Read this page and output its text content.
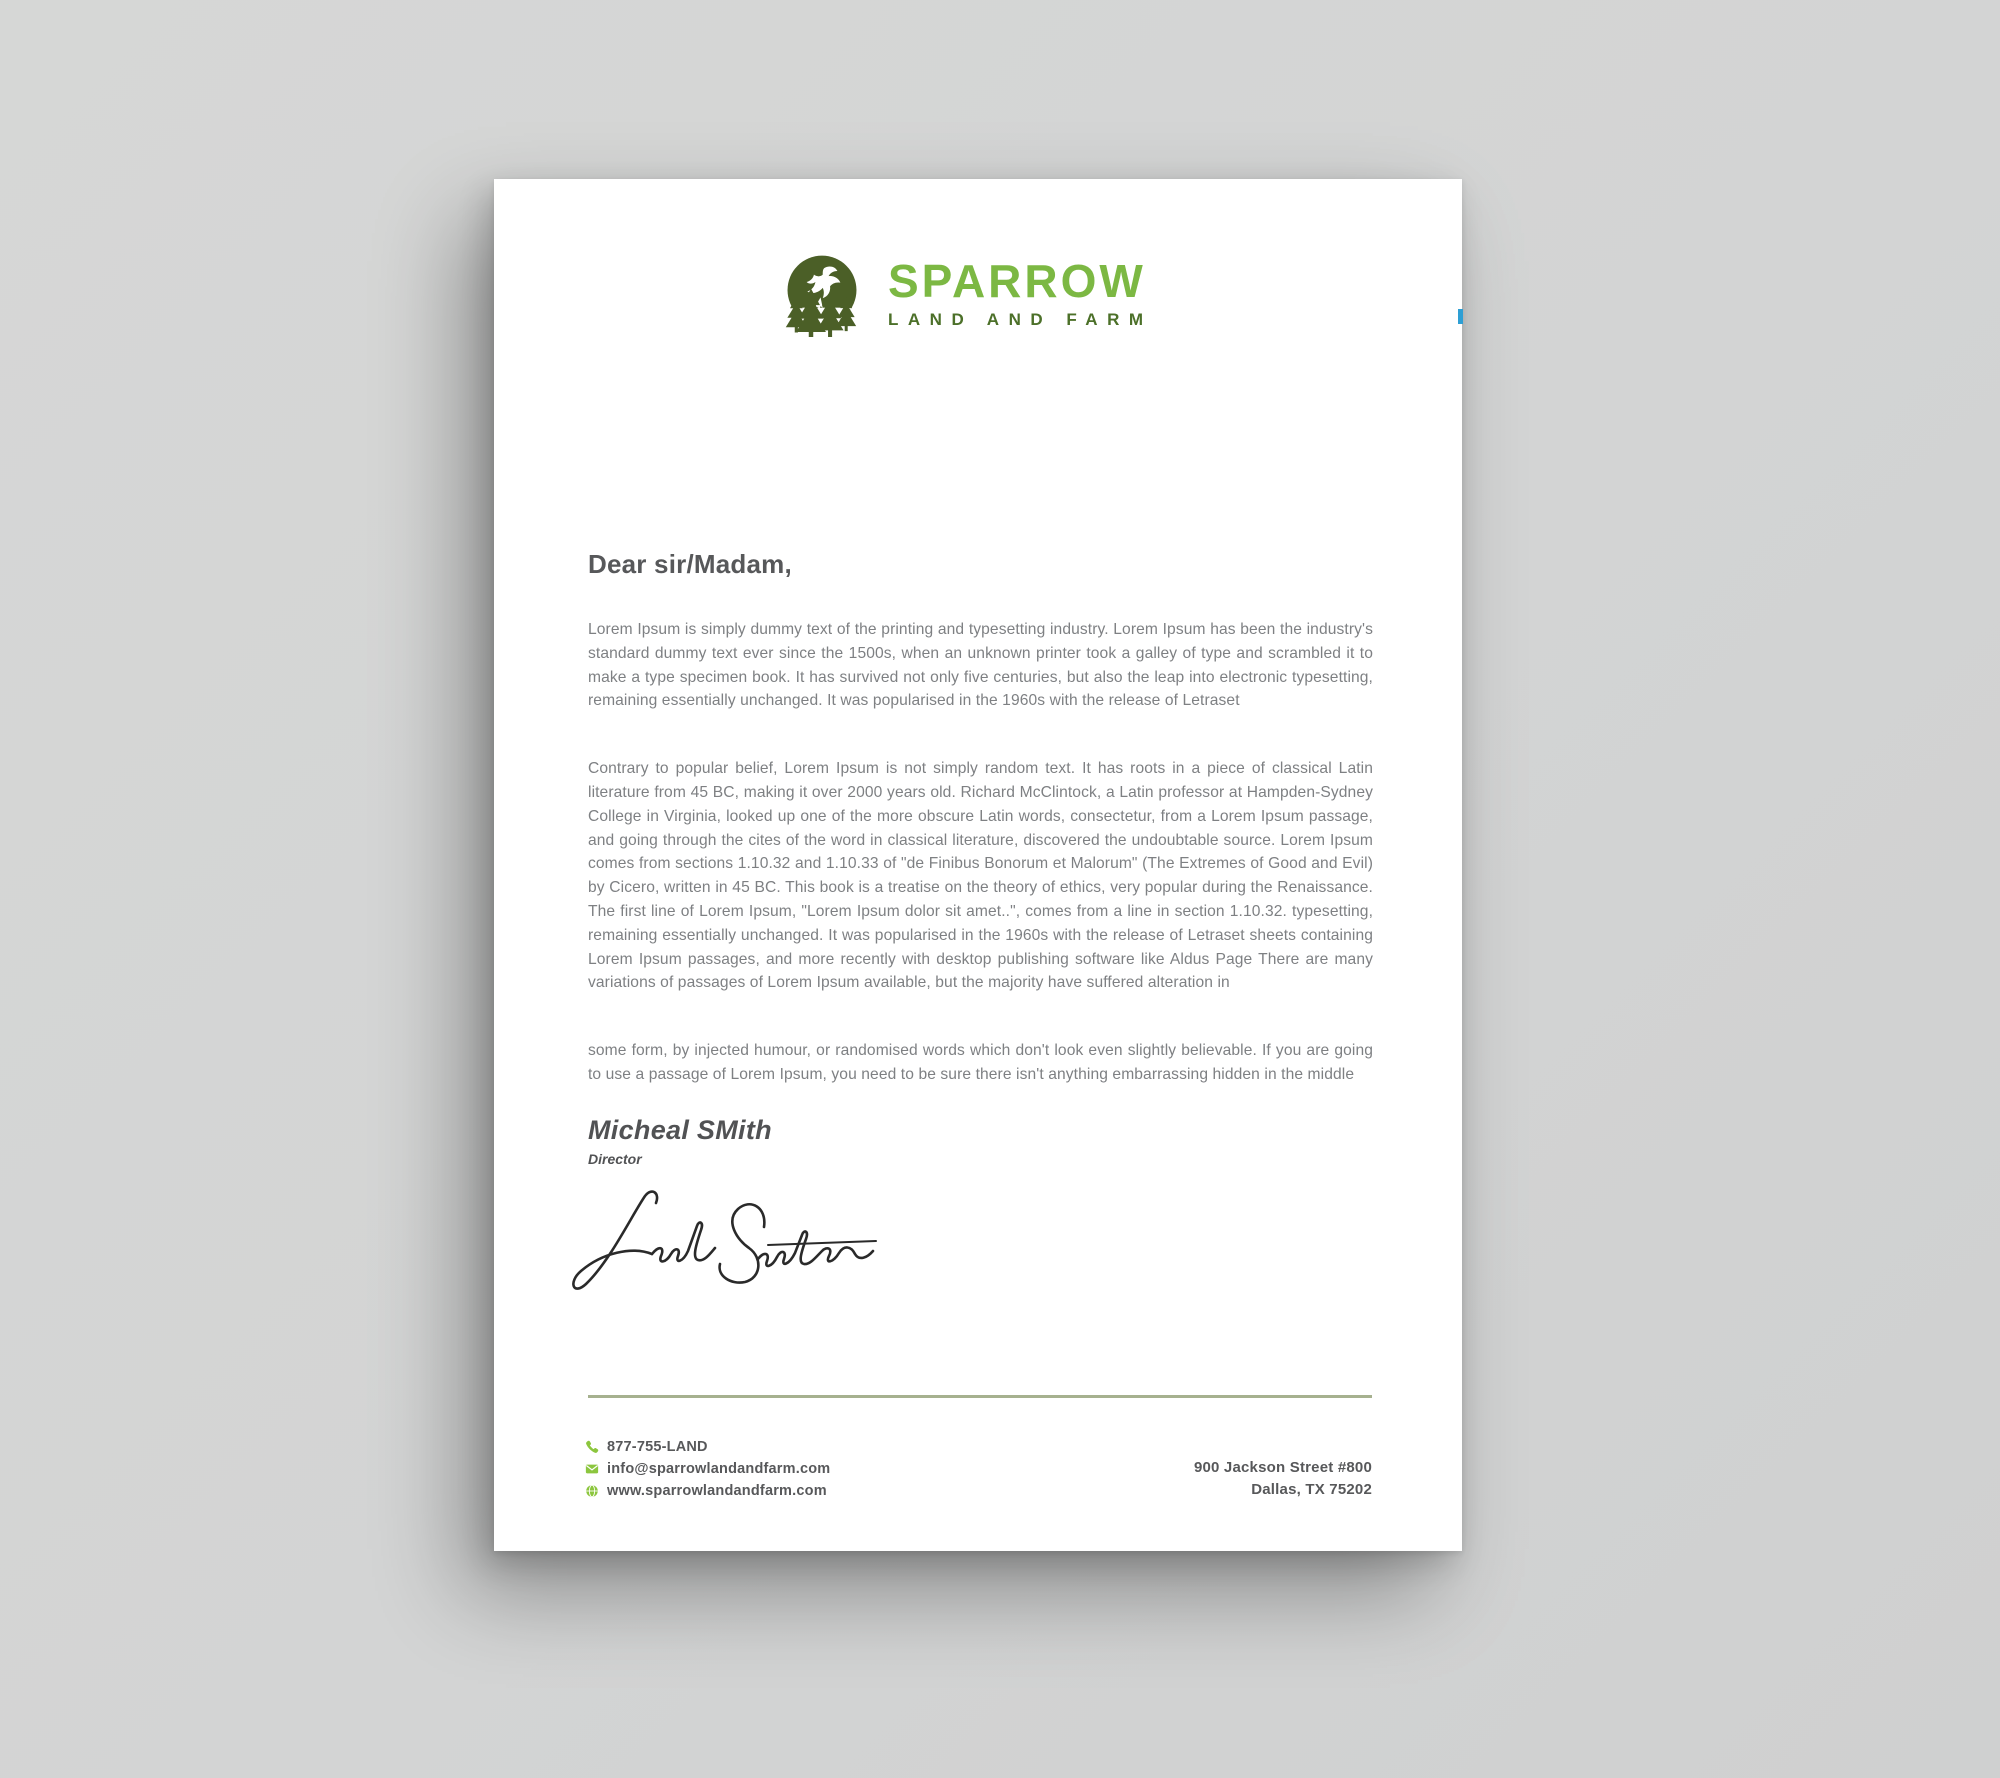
SPARROW
LAND AND FARM
Dear sir/Madam,

Lorem Ipsum is simply dummy text of the printing and typesetting industry. Lorem Ipsum has been the industry's standard dummy text ever since the 1500s, when an unknown printer took a galley of type and scrambled it to make a type specimen book. It has survived not only five centuries, but also the leap into electronic typesetting, remaining essentially unchanged. It was popularised in the 1960s with the release of Letraset

Contrary to popular belief, Lorem Ipsum is not simply random text. It has roots in a piece of classical Latin literature from 45 BC, making it over 2000 years old. Richard McClintock, a Latin professor at Hampden-Sydney College in Virginia, looked up one of the more obscure Latin words, consectetur, from a Lorem Ipsum passage, and going through the cites of the word in classical literature, discovered the undoubtable source. Lorem Ipsum comes from sections 1.10.32 and 1.10.33 of "de Finibus Bonorum et Malorum" (The Extremes of Good and Evil) by Cicero, written in 45 BC. This book is a treatise on the theory of ethics, very popular during the Renaissance. The first line of Lorem Ipsum, "Lorem Ipsum dolor sit amet..", comes from a line in section 1.10.32. typesetting, remaining essentially unchanged. It was popularised in the 1960s with the release of Letraset sheets containing Lorem Ipsum passages, and more recently with desktop publishing software like Aldus Page There are many variations of passages of Lorem Ipsum available, but the majority have suffered alteration in

some form, by injected humour, or randomised words which don't look even slightly believable. If you are going to use a passage of Lorem Ipsum, you need to be sure there isn't anything embarrassing hidden in the middle

Micheal SMith
Director
877-755-LAND
info@sparrowlandandfarm.com
www.sparrowlandandfarm.com
900 Jackson Street #800
Dallas, TX 75202
